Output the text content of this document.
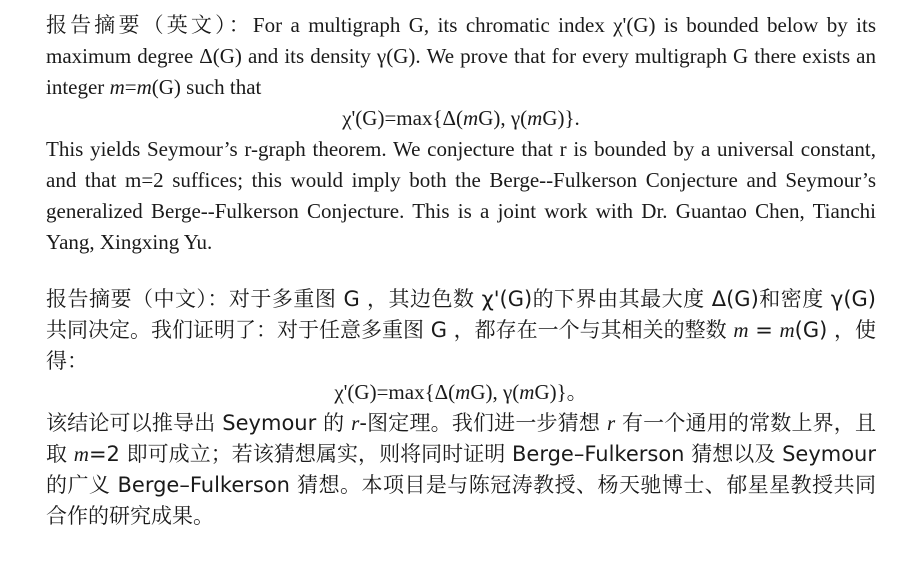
报告摘要（英文）：For a multigraph G, its chromatic index χ'(G) is bounded below by its maximum degree Δ(G) and its density γ(G). We prove that for every multigraph G there exists an integer m=m(G) such that

χ'(G)=max{Δ(mG), γ(mG)}.

This yields Seymour’s r-graph theorem. We conjecture that r is bounded by a universal constant, and that m=2 suffices; this would imply both the Berge--Fulkerson Conjecture and Seymour’s generalized Berge--Fulkerson Conjecture. This is a joint work with Dr. Guantao Chen, Tianchi Yang, Xingxing Yu.

报告摘要（中文）：对于多重图 G ，其边色数 χ'(G)的下界由其最大度 Δ(G)和密度 γ(G)共同决定。我们证明了：对于任意多重图 G ，都存在一个与其相关的整数 m = m(G) ，使得：

χ'(G)=max{Δ(mG), γ(mG)}。

该结论可以推导出 Seymour 的 r-图定理。我们进一步猜想 r 有一个通用的常数上界，且取 m=2 即可成立；若该猜想属实，则将同时证明 Berge–Fulkerson 猜想以及 Seymour 的广义 Berge–Fulkerson 猜想。本项目是与陈冠涛教授、杨天驰博士、郁星星教授共同合作的研究成果。
